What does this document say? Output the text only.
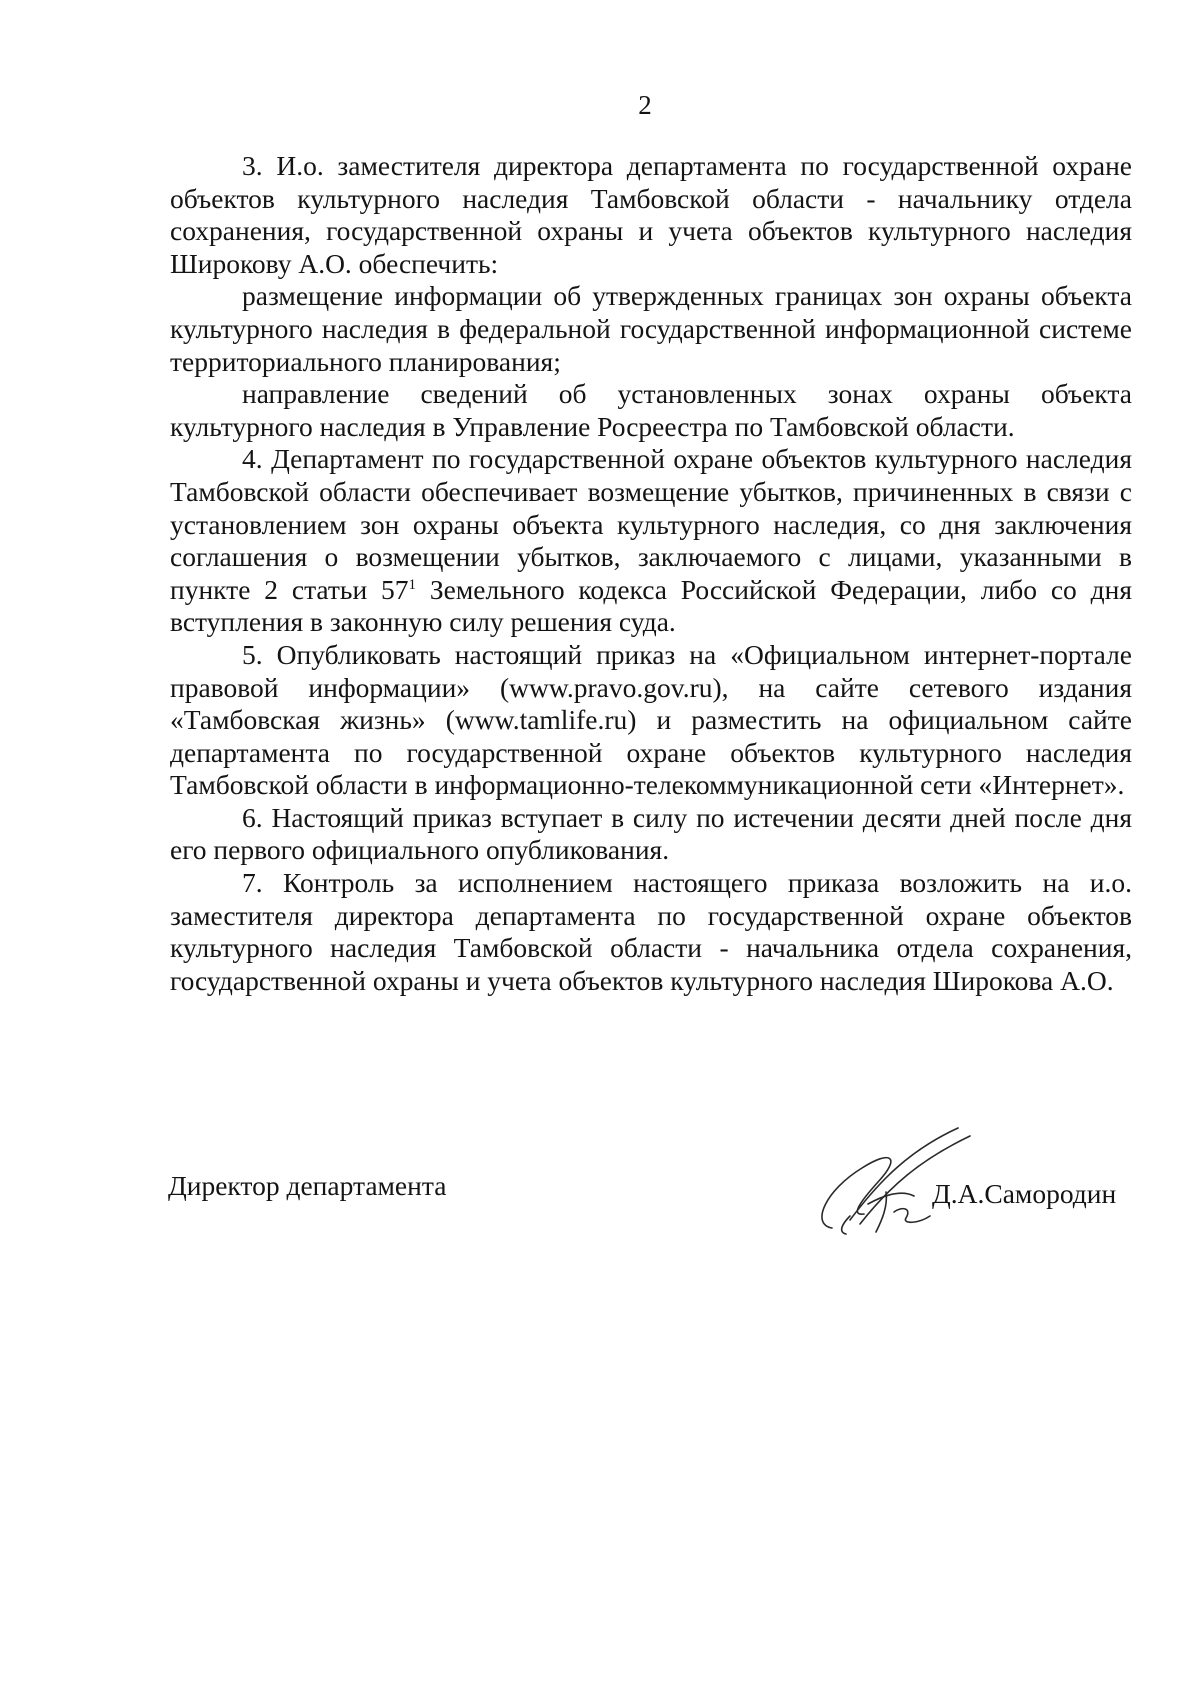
2

3. И.о. заместителя директора департамента по государственной охране объектов культурного наследия Тамбовской области - начальнику отдела сохранения, государственной охраны и учета объектов культурного наследия Широкову А.О. обеспечить:

размещение информации об утвержденных границах зон охраны объекта культурного наследия в федеральной государственной информационной системе территориального планирования;

направление сведений об установленных зонах охраны объекта культурного наследия в Управление Росреестра по Тамбовской области.

4. Департамент по государственной охране объектов культурного наследия Тамбовской области обеспечивает возмещение убытков, причиненных в связи с установлением зон охраны объекта культурного наследия, со дня заключения соглашения о возмещении убытков, заключаемого с лицами, указанными в пункте 2 статьи $57^1$ Земельного кодекса Российской Федерации, либо со дня вступления в законную силу решения суда.

5. Опубликовать настоящий приказ на «Официальном интернет-портале правовой информации» (www.pravo.gov.ru), на сайте сетевого издания «Тамбовская жизнь» (www.tamlife.ru) и разместить на официальном сайте департамента по государственной охране объектов культурного наследия Тамбовской области в информационно-телекоммуникационной сети «Интернет».

6. Настоящий приказ вступает в силу по истечении десяти дней после дня его первого официального опубликования.

7. Контроль за исполнением настоящего приказа возложить на и.о. заместителя директора департамента по государственной охране объектов культурного наследия Тамбовской области - начальника отдела сохранения, государственной охраны и учета объектов культурного наследия Широкова А.О.

Директор департамента	Д.А.Самородин
